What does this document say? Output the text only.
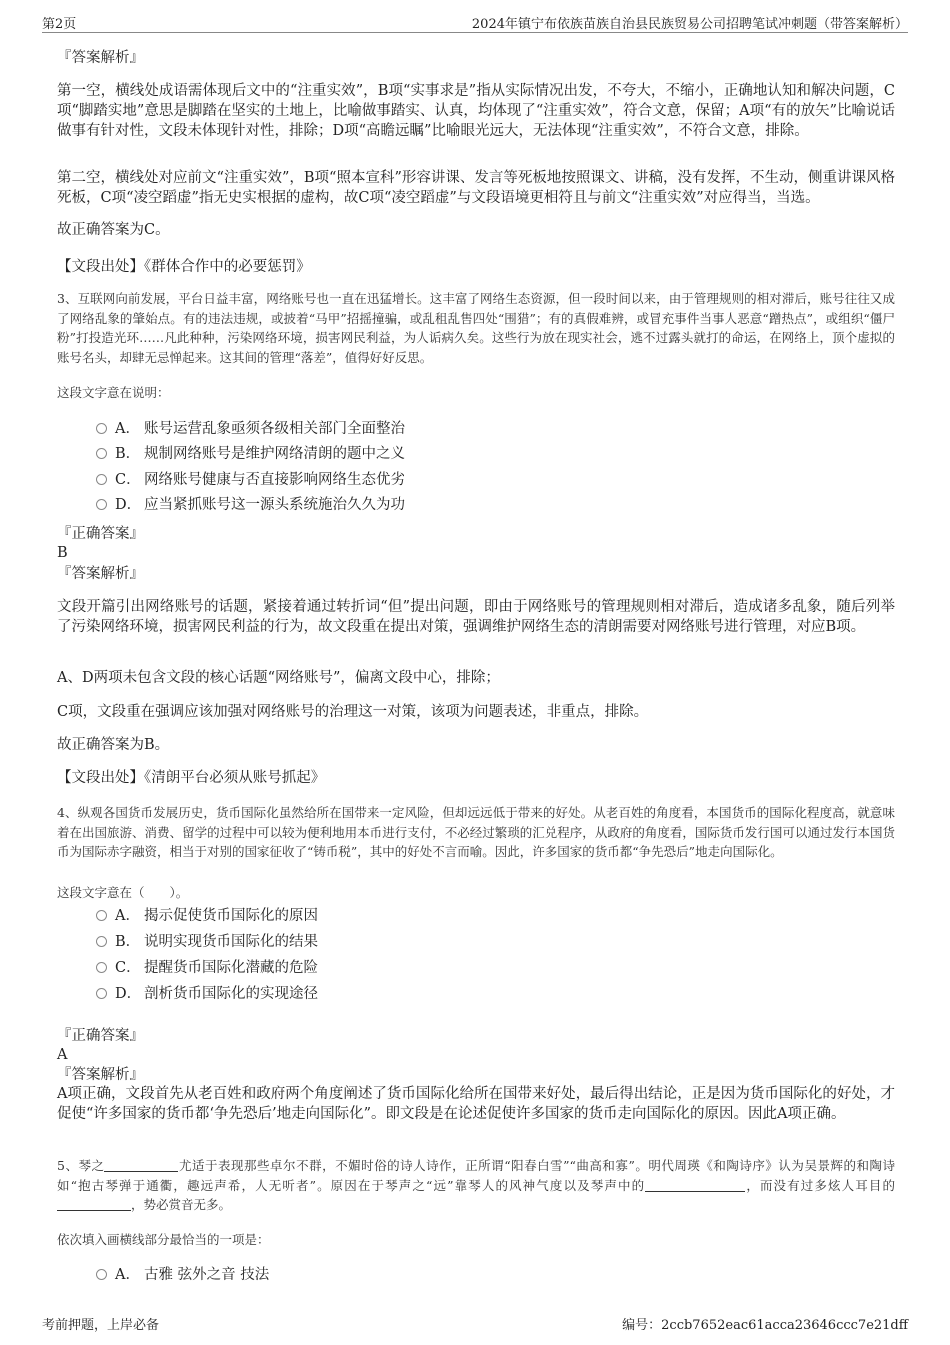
第2页	2024年镇宁布依族苗族自治县民族贸易公司招聘笔试冲刺题（带答案解析）
『答案解析』
第一空，横线处成语需体现后文中的“注重实效”，B项“实事求是”指从实际情况出发，不夸大，不缩小，正确地认知和解决问题，C项“脚踏实地”意思是脚踏在坚实的土地上，比喻做事踏实、认真，均体现了“注重实效”，符合文意，保留；A项“有的放矢”比喻说话做事有针对性，文段未体现针对性，排除；D项“高瞻远瞩”比喻眼光远大，无法体现“注重实效”，不符合文意，排除。
第二空，横线处对应前文“注重实效”，B项“照本宣科”形容讲课、发言等死板地按照课文、讲稿，没有发挥，不生动，侧重讲课风格死板，C项“凌空蹈虚”指无史实根据的虚构，故C项“凌空蹈虚”与文段语境更相符且与前文“注重实效”对应得当，当选。
故正确答案为C。
【文段出处】《群体合作中的必要惩罚》
3、互联网向前发展，平台日益丰富，网络账号也一直在迅猛增长。这丰富了网络生态资源，但一段时间以来，由于管理规则的相对滞后，账号往往又成了网络乱象的肇始点。有的违法违规，或披着“马甲”招摇撞骗，或乱租乱售四处“围猎”；有的真假难辨，或冒充事件当事人恶意“蹭热点”，或组织“僵尸粉”打投造光环……凡此种种，污染网络环境，损害网民利益，为人诟病久矣。这些行为放在现实社会，逃不过露头就打的命运，在网络上，顶个虚拟的账号名头，却肆无忌惮起来。这其间的管理“落差”，值得好好反思。
这段文字意在说明：
A． 账号运营乱象亟须各级相关部门全面整治
B． 规制网络账号是维护网络清朗的题中之义
C． 网络账号健康与否直接影响网络生态优劣
D． 应当紧抓账号这一源头系统施治久久为功
『正确答案』
B
『答案解析』
文段开篇引出网络账号的话题，紧接着通过转折词“但”提出问题，即由于网络账号的管理规则相对滞后，造成诸多乱象，随后列举了污染网络环境，损害网民利益的行为，故文段重在提出对策，强调维护网络生态的清朗需要对网络账号进行管理，对应B项。
A、D两项未包含文段的核心话题“网络账号”，偏离文段中心，排除；
C项，文段重在强调应该加强对网络账号的治理这一对策，该项为问题表述，非重点，排除。
故正确答案为B。
【文段出处】《清朗平台必须从账号抓起》
4、纵观各国货币发展历史，货币国际化虽然给所在国带来一定风险，但却远远低于带来的好处。从老百姓的角度看，本国货币的国际化程度高，就意味着在出国旅游、消费、留学的过程中可以较为便利地用本币进行支付，不必经过繁琐的汇兑程序，从政府的角度看，国际货币发行国可以通过发行本国货币为国际赤字融资，相当于对别的国家征收了“铸币税”，其中的好处不言而喻。因此，许多国家的货币都“争先恐后”地走向国际化。
这段文字意在（　　）。
A． 揭示促使货币国际化的原因
B． 说明实现货币国际化的结果
C． 提醒货币国际化潜藏的危险
D． 剖析货币国际化的实现途径
『正确答案』
A
『答案解析』
A项正确，文段首先从老百姓和政府两个角度阐述了货币国际化给所在国带来好处，最后得出结论，正是因为货币国际化的好处，才促使“许多国家的货币都‘争先恐后’地走向国际化”。即文段是在论述促使许多国家的货币走向国际化的原因。因此A项正确。
5、琴之	尤适于表现那些卓尔不群，不媚时俗的诗人诗作，正所谓“阳春白雪”“曲高和寡”。明代周瑛《和陶诗序》认为吴景辉的和陶诗如“抱古琴弹于通衢，趣远声希，人无听者”。原因在于琴声之“远”靠琴人的风神气度以及琴声中的	，而没有过多炫人耳目的，势必赏音无多。
依次填入画横线部分最恰当的一项是：
A． 古雅 弦外之音 技法
考前押题，上岸必备	编号：2ccb7652eac61acca23646ccc7e21dff
